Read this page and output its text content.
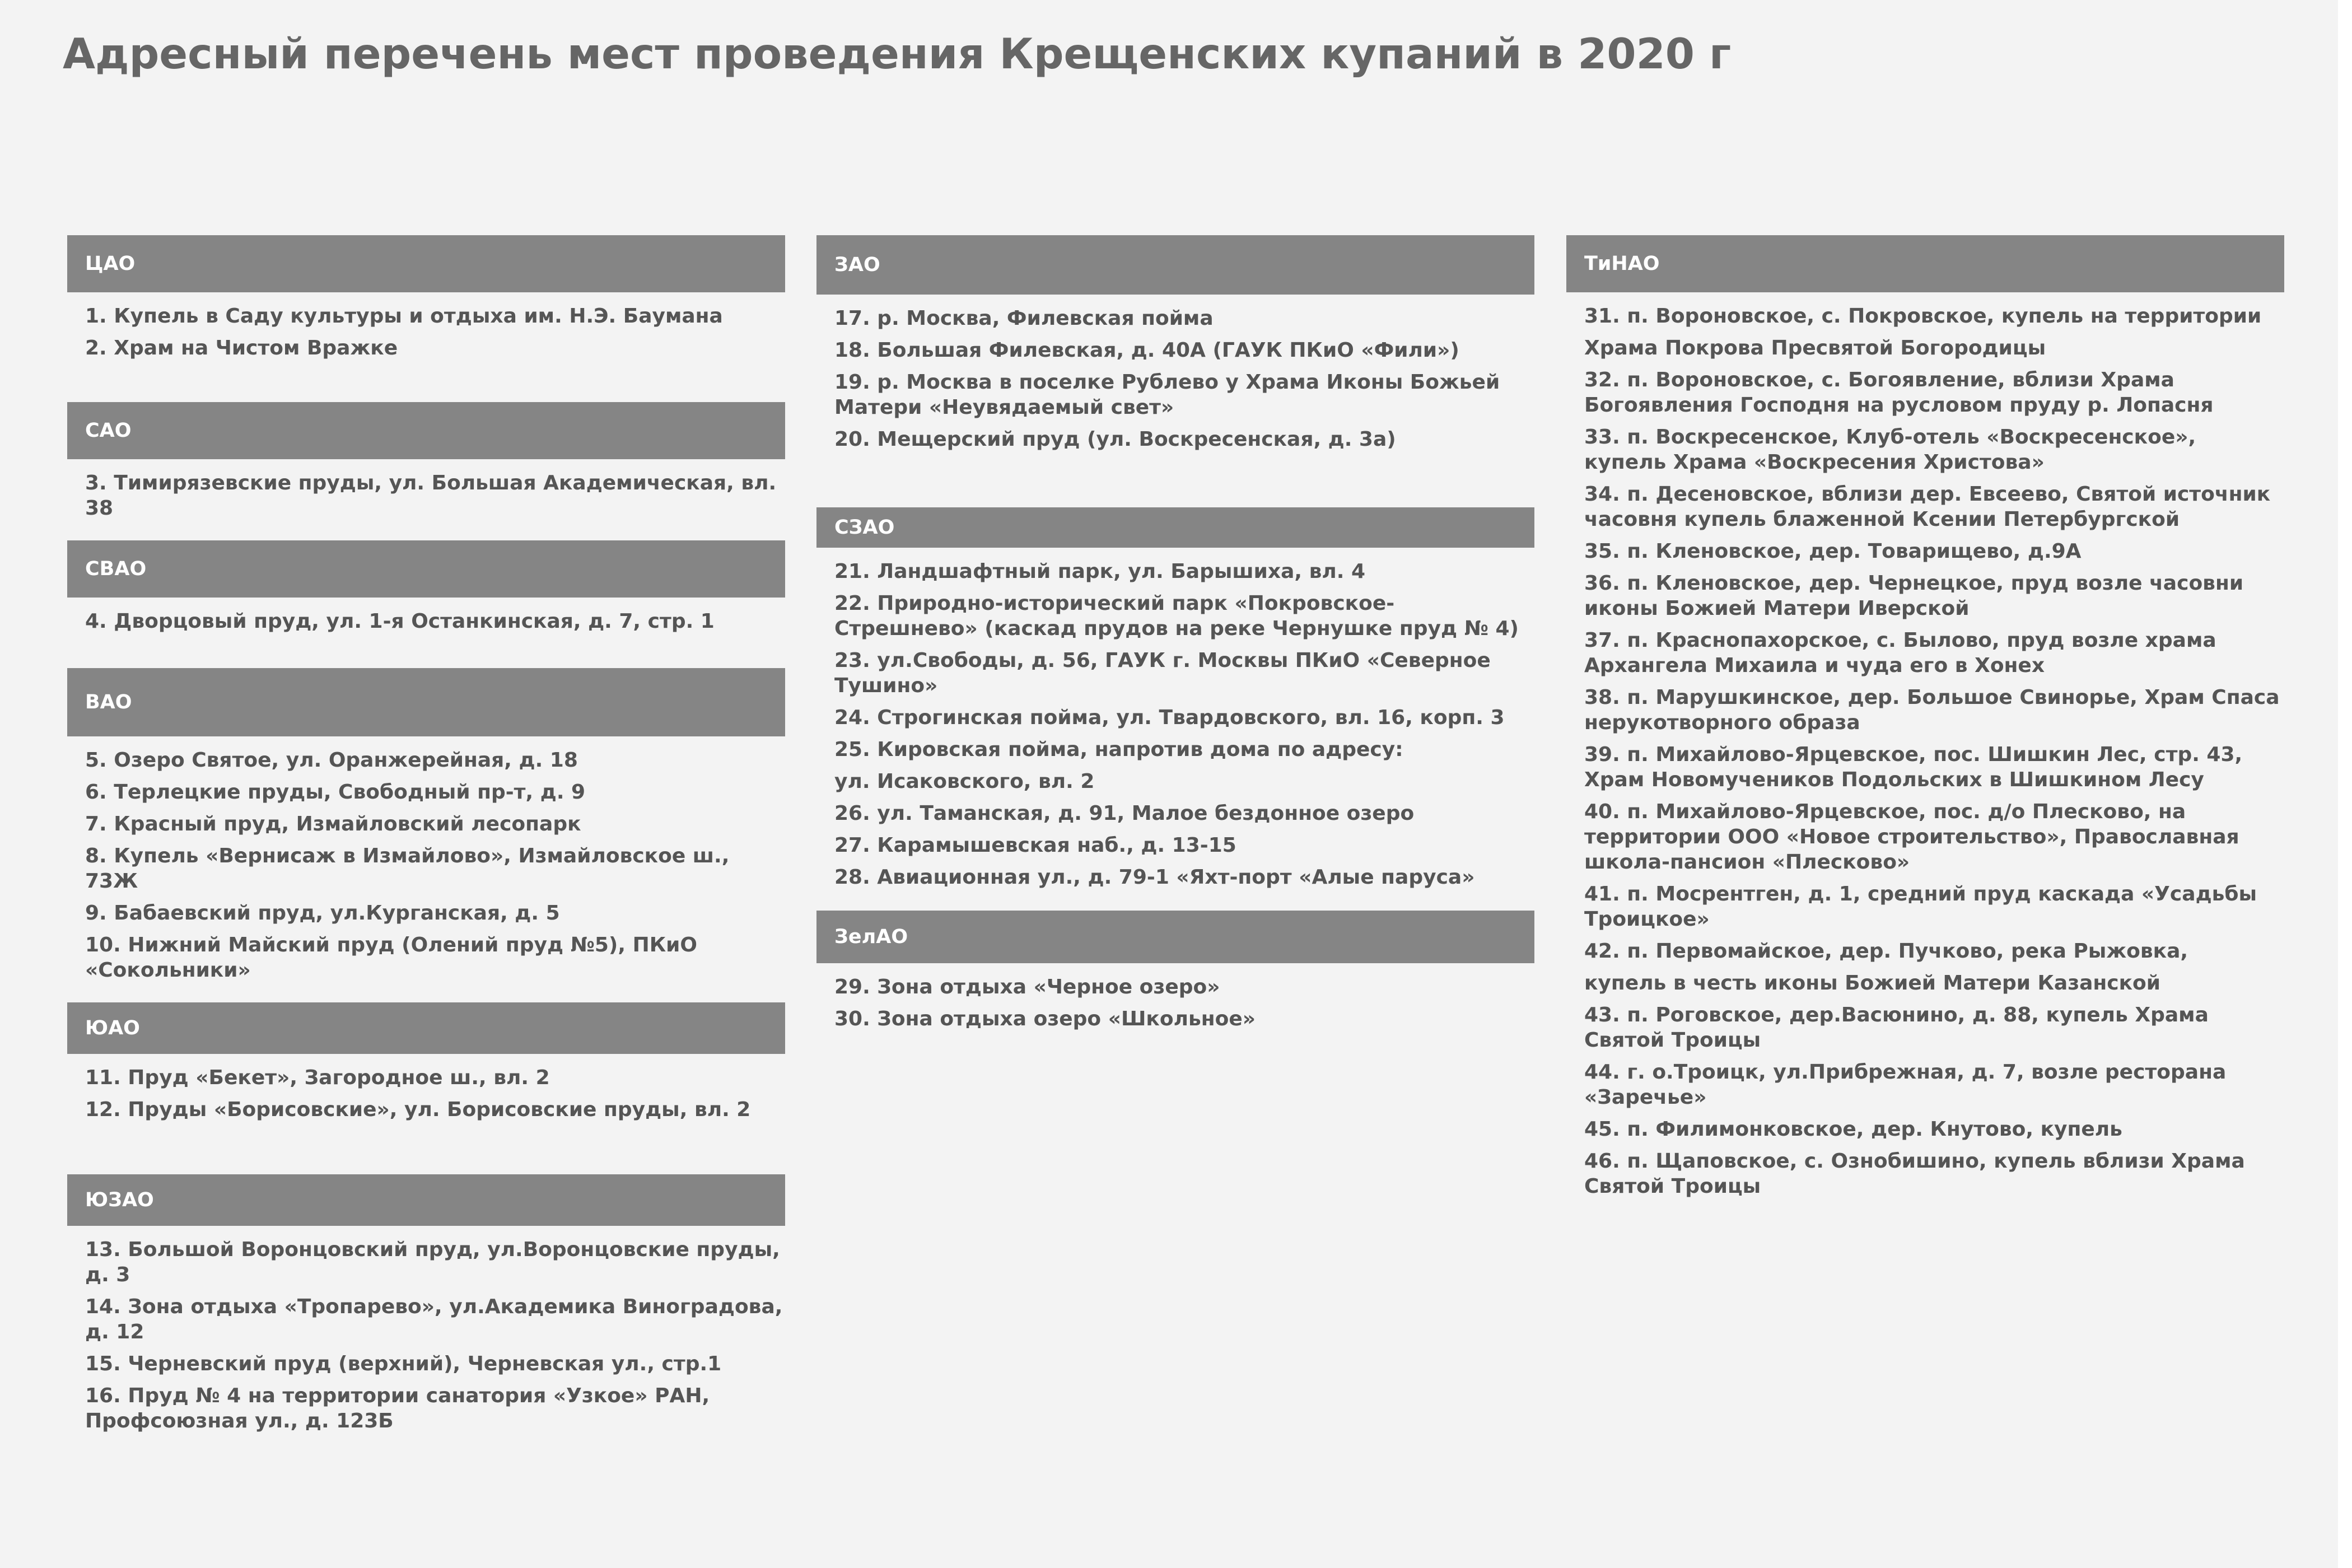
Адресный перечень мест проведения Крещенских купаний в 2020 г
ЦАО
1. Купель в Саду культуры и отдыха им. Н.Э. Баумана
2. Храм на Чистом Вражке
САО
3. Тимирязевские пруды, ул. Большая Академическая, вл. 38
СВАО
4. Дворцовый пруд, ул. 1-я Останкинская, д. 7, стр. 1
ВАО
5. Озеро Святое, ул. Оранжерейная, д. 18
6. Терлецкие пруды, Свободный пр-т, д. 9
7. Красный пруд, Измайловский лесопарк
8. Купель «Вернисаж в Измайлово», Измайловское ш., 73Ж
9. Бабаевский пруд, ул.Курганская, д. 5
10. Нижний Майский пруд (Олений пруд №5), ПКиО «Сокольники»
ЮАО
11. Пруд «Бекет», Загородное ш., вл. 2
12. Пруды «Борисовские», ул. Борисовские пруды, вл. 2
ЮЗАО
13. Большой Воронцовский пруд, ул.Воронцовские пруды, д. 3
14. Зона отдыха «Тропарево», ул.Академика Виноградова, д. 12
15. Черневский пруд (верхний), Черневская ул., стр.1
16. Пруд № 4 на территории санатория «Узкое» РАН, Профсоюзная ул., д. 123Б
ЗАО
17. р. Москва, Филевская пойма
18. Большая Филевская, д. 40А (ГАУК ПКиО «Фили»)
19. р. Москва в поселке Рублево у Храма Иконы Божьей Матери «Неувядаемый свет»
20. Мещерский пруд (ул. Воскресенская, д. 3а)
СЗАО
21. Ландшафтный парк, ул. Барышиха, вл. 4
22. Природно-исторический парк «Покровское-Стрешнево» (каскад прудов на реке Чернушке пруд № 4)
23. ул.Свободы, д. 56, ГАУК г. Москвы ПКиО «Северное Тушино»
24. Строгинская пойма, ул. Твардовского, вл. 16, корп. 3
25. Кировская пойма, напротив дома по адресу:
ул. Исаковского, вл. 2
26. ул. Таманская, д. 91, Малое бездонное озеро
27. Карамышевская наб., д. 13-15
28. Авиационная ул., д. 79-1 «Яхт-порт «Алые паруса»
ЗелАО
29. Зона отдыха «Черное озеро»
30. Зона отдыха озеро «Школьное»
ТиНАО
31. п. Вороновское, с. Покровское, купель на территории
Храма Покрова Пресвятой Богородицы
32. п. Вороновское, с. Богоявление, вблизи Храма Богоявления Господня на русловом пруду р. Лопасня
33. п. Воскресенское, Клуб-отель «Воскресенское», купель Храма «Воскресения Христова»
34. п. Десеновское, вблизи дер. Евсеево, Святой источник часовня купель блаженной Ксении Петербургской
35. п. Кленовское, дер. Товарищево, д.9А
36. п. Кленовское, дер. Чернецкое, пруд возле часовни иконы Божией Матери Иверской
37. п. Краснопахорское, с. Былово, пруд возле храма Архангела Михаила и чуда его в Хонех
38. п. Марушкинское, дер. Большое Свинорье, Храм Спаса нерукотворного образа
39. п. Михайлово-Ярцевское, пос. Шишкин Лес, стр. 43, Храм Новомучеников Подольских в Шишкином Лесу
40. п. Михайлово-Ярцевское, пос. д/о Плесково, на территории ООО «Новое строительство», Православная школа-пансион «Плесково»
41. п. Мосрентген, д. 1, средний пруд каскада «Усадьбы Троицкое»
42. п. Первомайское, дер. Пучково, река Рыжовка,
купель в честь иконы Божией Матери Казанской
43. п. Роговское, дер.Васюнино, д. 88, купель Храма Святой Троицы
44. г. о.Троицк, ул.Прибрежная, д. 7, возле ресторана «Заречье»
45. п. Филимонковское, дер. Кнутово, купель
46. п. Щаповское, с. Ознобишино, купель вблизи Храма Святой Троицы
